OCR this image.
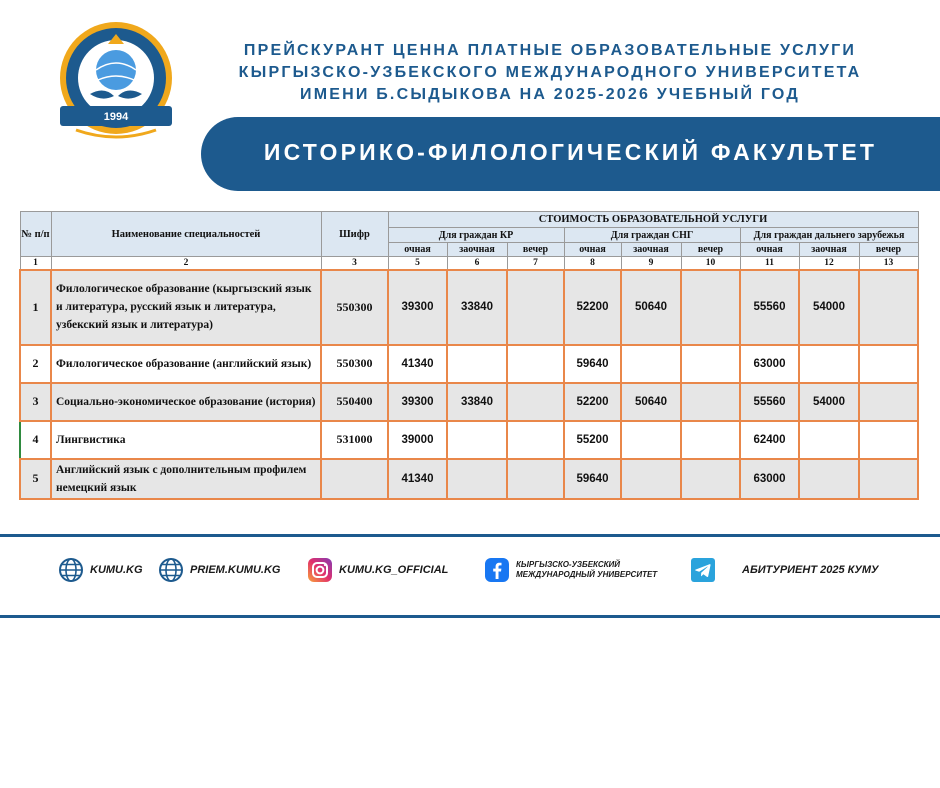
1994
ПРЕЙСКУРАНТ ЦЕННА ПЛАТНЫЕ ОБРАЗОВАТЕЛЬНЫЕ УСЛУГИ
КЫРГЫЗСКО-УЗБЕКСКОГО МЕЖДУНАРОДНОГО УНИВЕРСИТЕТА
ИМЕНИ Б.СЫДЫКОВА НА 2025-2026 УЧЕБНЫЙ ГОД
ИСТОРИКО-ФИЛОЛОГИЧЕСКИЙ ФАКУЛЬТЕТ
№ п/п	Наименование специальностей	Шифр	СТОИМОСТЬ ОБРАЗОВАТЕЛЬНОЙ УСЛУГИ								
			Для граждан КР			Для граждан СНГ			Для граждан дальнего зарубежья		
			очная	заочная	вечер	очная	заочная	вечер	очная	заочная	вечер
1	2	3	5	6	7	8	9	10	11	12	13
1	Филологическое образование (кыргызский язык и литература, русский язык и литература, узбекский язык и литература)	550300	39300	33840		52200	50640		55560	54000	
2	Филологическое образование (английский язык)	550300	41340			59640			63000		
3	Социально-экономическое образование (история)	550400	39300	33840		52200	50640		55560	54000	
4	Лингвистика	531000	39000			55200			62400		
5	Английский язык с дополнительным профилем немецкий язык		41340			59640			63000		
KUMU.KG	PRIEM.KUMU.KG	KUMU.KG_OFFICIAL	КЫРГЫЗСКО-УЗБЕКСКИЙ
МЕЖДУНАРОДНЫЙ УНИВЕРСИТЕТ	АБИТУРИЕНТ 2025 КУМУ
